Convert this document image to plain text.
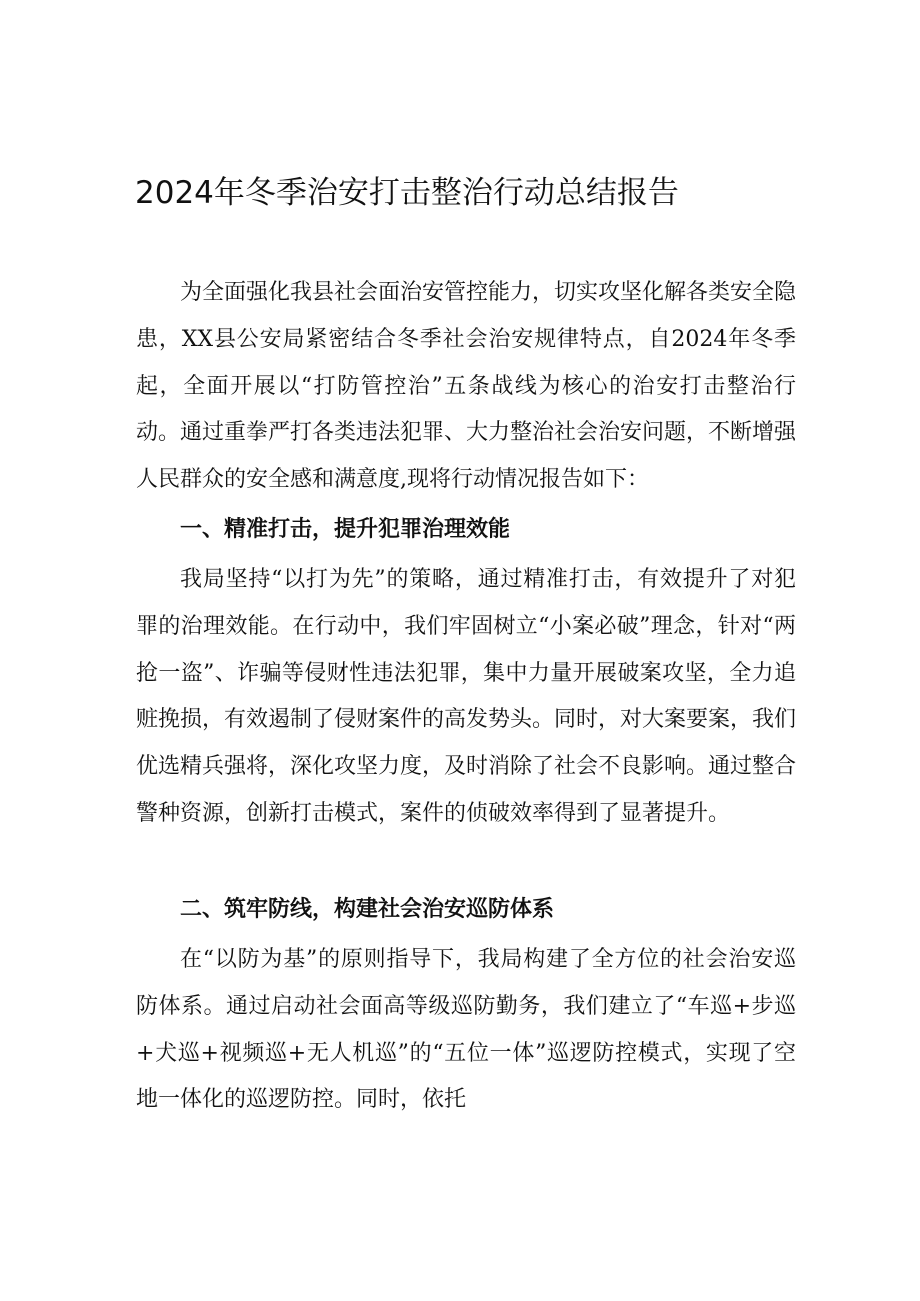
2024年冬季治安打击整治行动总结报告

为全面强化我县社会面治安管控能力，切实攻坚化解各类安全隐患，XX县公安局紧密结合冬季社会治安规律特点，自2024年冬季起，全面开展以“打防管控治”五条战线为核心的治安打击整治行动。通过重拳严打各类违法犯罪、大力整治社会治安问题，不断增强人民群众的安全感和满意度,现将行动情况报告如下：

一、精准打击，提升犯罪治理效能

我局坚持“以打为先”的策略，通过精准打击，有效提升了对犯罪的治理效能。在行动中，我们牢固树立“小案必破”理念，针对“两抢一盗”、诈骗等侵财性违法犯罪，集中力量开展破案攻坚，全力追赃挽损，有效遏制了侵财案件的高发势头。同时，对大案要案，我们优选精兵强将，深化攻坚力度，及时消除了社会不良影响。通过整合警种资源，创新打击模式，案件的侦破效率得到了显著提升。

二、筑牢防线，构建社会治安巡防体系

在“以防为基”的原则指导下，我局构建了全方位的社会治安巡防体系。通过启动社会面高等级巡防勤务，我们建立了“车巡+步巡+犬巡+视频巡+无人机巡”的“五位一体”巡逻防控模式，实现了空地一体化的巡逻防控。同时，依托
